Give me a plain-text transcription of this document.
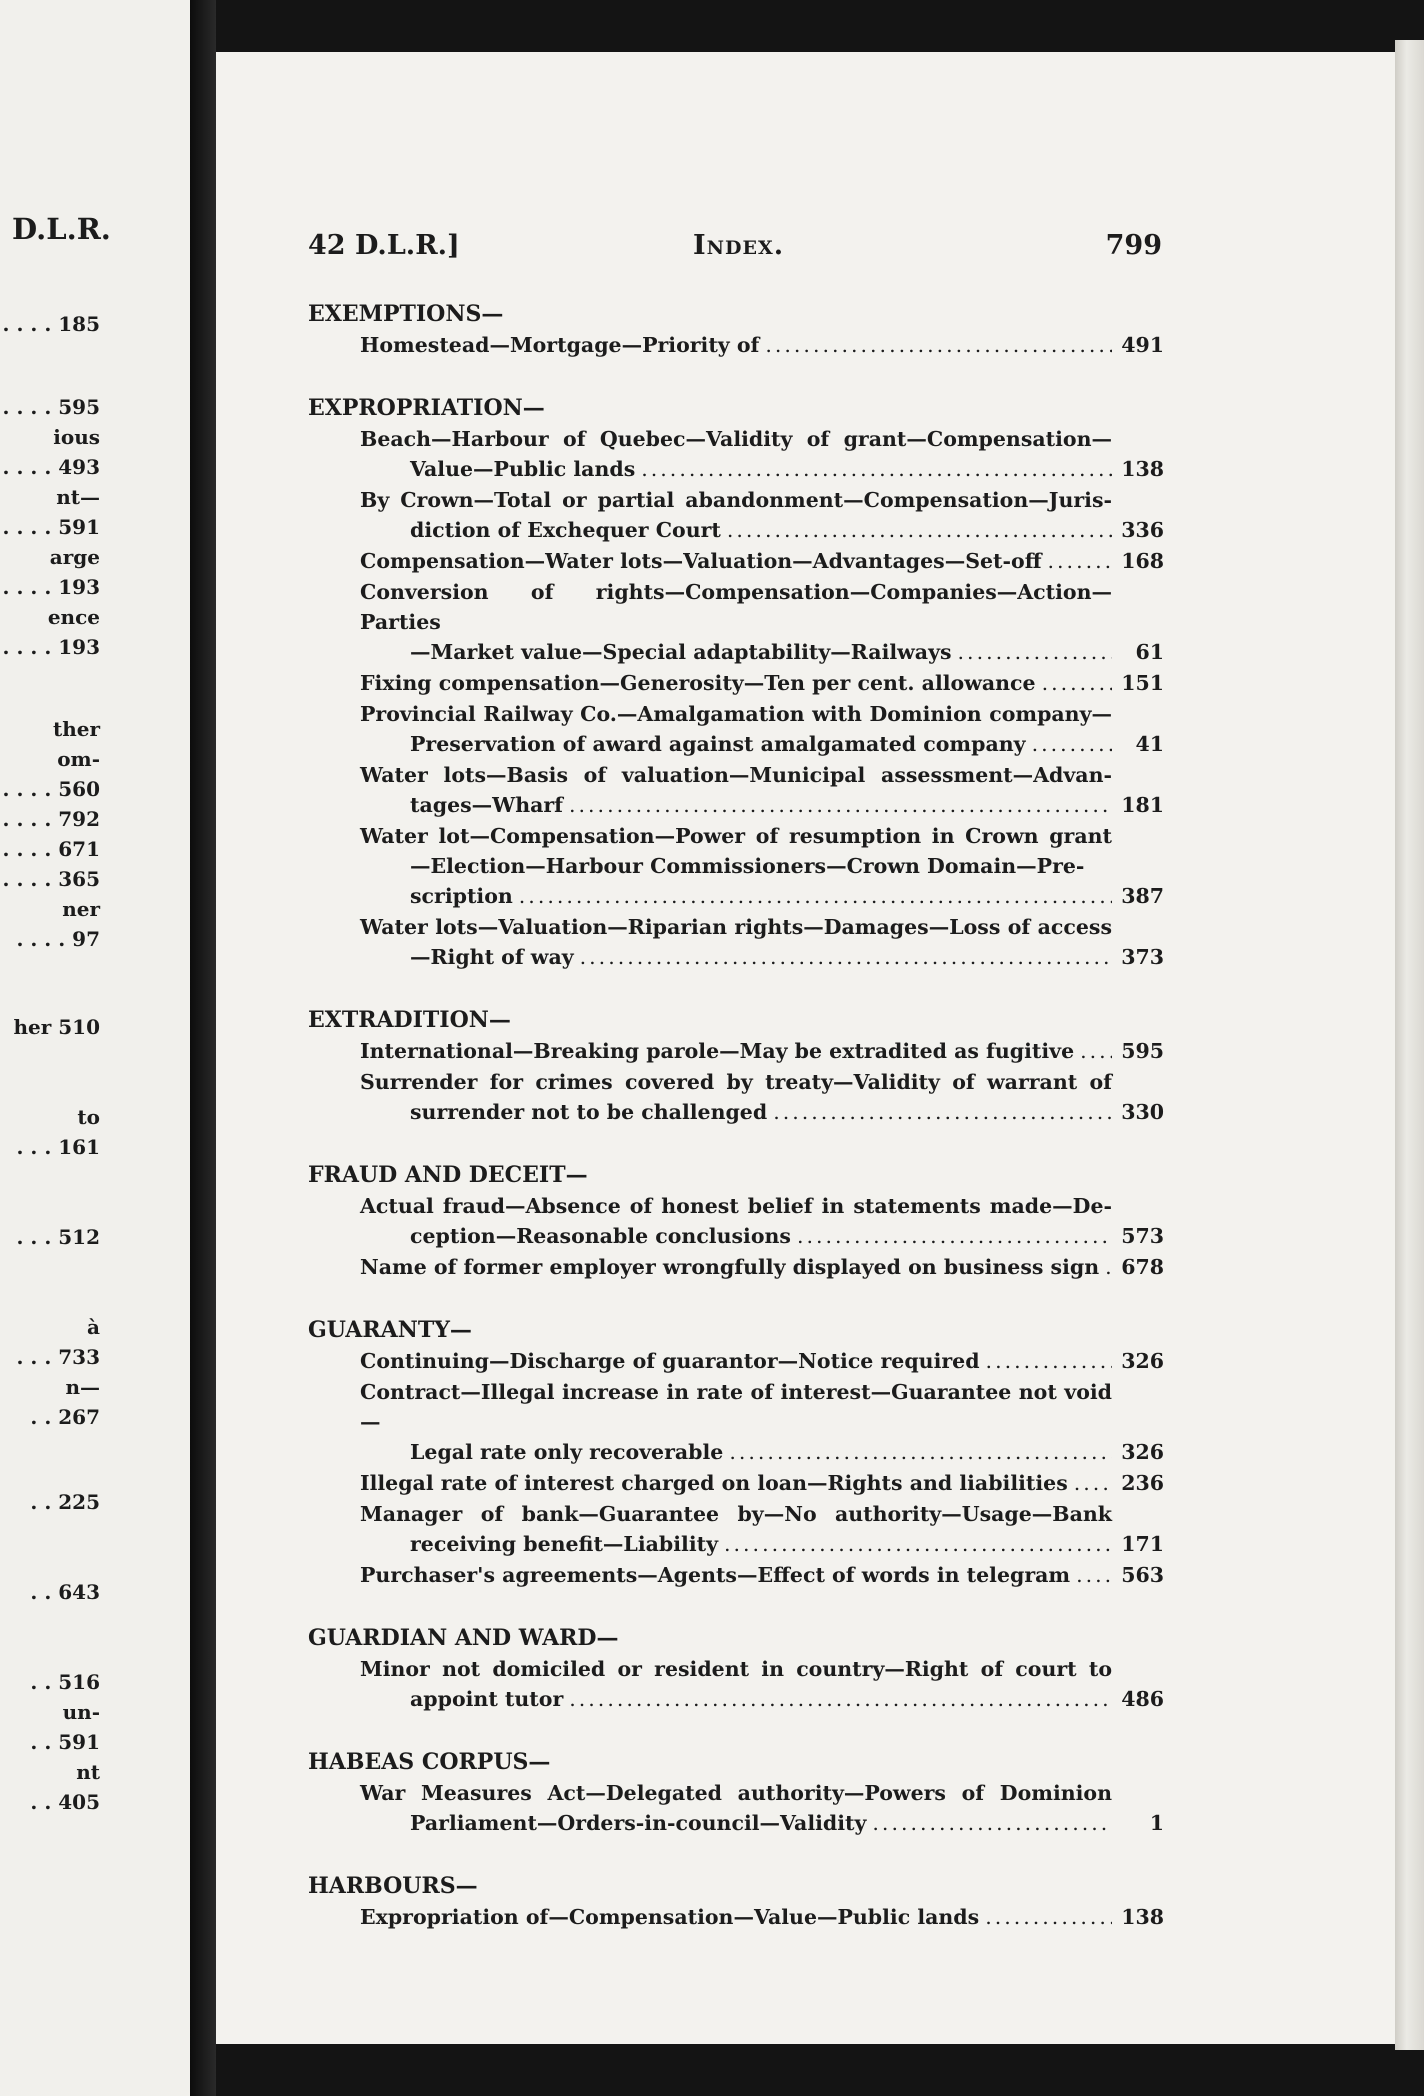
D.L.R.
. . . . 185
. . . . 595
ious
. . . . 493
nt—
. . . . 591
arge
. . . . 193
ence
. . . . 193
ther
om-
. . . . 560
. . . . 792
. . . . 671
. . . . 365
ner
. . . . 97
her 510
to
. . . 161
. . . 512
à
. . . 733
n—
. . 267
. . 225
. . 643
. . 516
un-
. . 591
nt
. . 405
42 D.L.R.]	Index.	799
EXEMPTIONS—
Homestead—Mortgage—Priority of .....	491
EXPROPRIATION—
Beach—Harbour of Quebec—Validity of grant—Compensation—
Value—Public lands .....	138
By Crown—Total or partial abandonment—Compensation—Juris-
diction of Exchequer Court .....	336
Compensation—Water lots—Valuation—Advantages—Set-off .....	168
Conversion of rights—Compensation—Companies—Action—Parties
—Market value—Special adaptability—Railways .....	61
Fixing compensation—Generosity—Ten per cent. allowance .....	151
Provincial Railway Co.—Amalgamation with Dominion company—
Preservation of award against amalgamated company .....	41
Water lots—Basis of valuation—Municipal assessment—Advan-
tages—Wharf .....	181
Water lot—Compensation—Power of resumption in Crown grant
—Election—Harbour Commissioners—Crown Domain—Pre-
scription .....	387
Water lots—Valuation—Riparian rights—Damages—Loss of access
—Right of way .....	373
EXTRADITION—
International—Breaking parole—May be extradited as fugitive ..... 595
Surrender for crimes covered by treaty—Validity of warrant of
surrender not to be challenged .....	330
FRAUD AND DECEIT—
Actual fraud—Absence of honest belief in statements made—De-
ception—Reasonable conclusions .....	573
Name of former employer wrongfully displayed on business sign ..... 678
GUARANTY—
Continuing—Discharge of guarantor—Notice required .....	326
Contract—Illegal increase in rate of interest—Guarantee not void—
Legal rate only recoverable .....	326
Illegal rate of interest charged on loan—Rights and liabilities .....	236
Manager of bank—Guarantee by—No authority—Usage—Bank
receiving benefit—Liability .....	171
Purchaser's agreements—Agents—Effect of words in telegram ..... 563
GUARDIAN AND WARD—
Minor not domiciled or resident in country—Right of court to
appoint tutor .....	486
HABEAS CORPUS—
War Measures Act—Delegated authority—Powers of Dominion
Parliament—Orders-in-council—Validity .....	1
HARBOURS—
Expropriation of—Compensation—Value—Public lands .....	138
